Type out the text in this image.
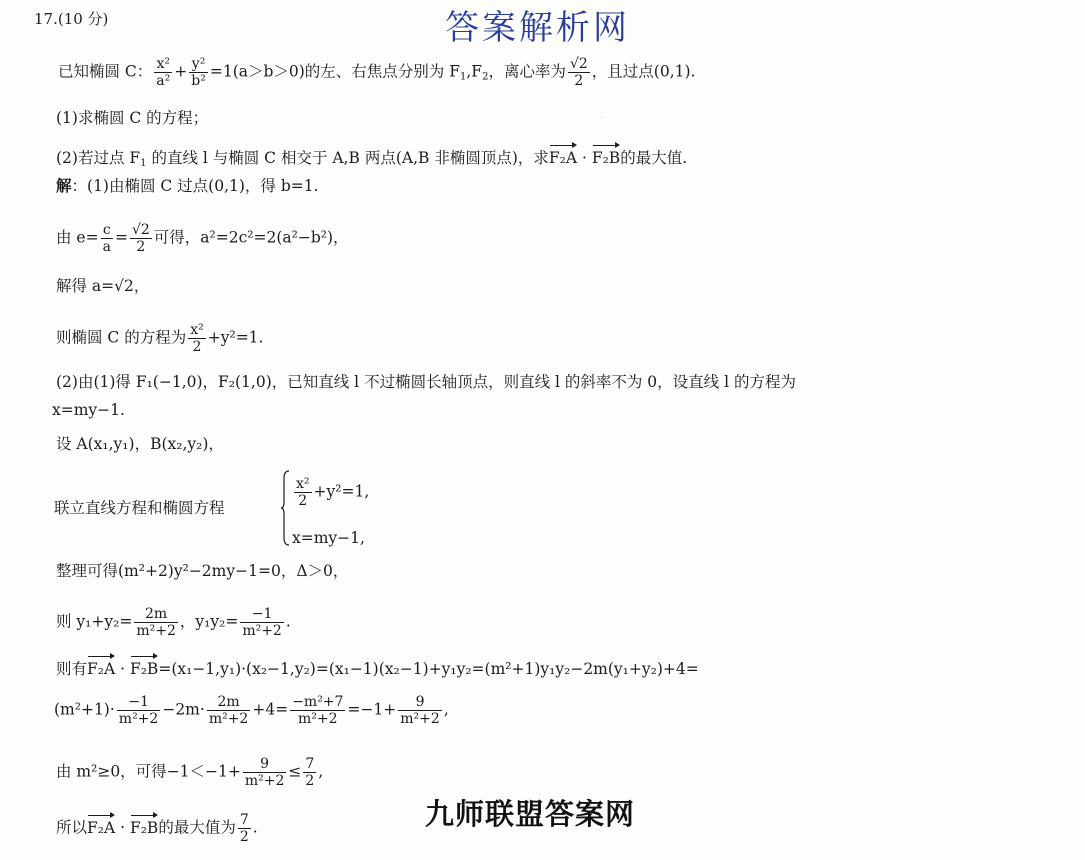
·
17.(10 分)	答案解析网
已知椭圆 C： $\frac{\text{x²}}{\text{a²}} + \frac{\text{y²}}{\text{b²}} =1(a>b>0)$的左、右焦点分别为 $F_1,F_2$，离心率为 $\frac{√2}{2}$ ，且过点(0,1).
(1)求椭圆 C 的方程；
(2)若过点 $F_1$ 的直线 l 与椭圆 C 相交于 A,B 两点(A,B 非椭圆顶点)，求F₂A · F₂B的最大值.
解：(1)由椭圆 C 过点(0,1)，得 b=1.
由 $e= \frac{c}{a} = \frac{√2}{2}$ 可得，a²=2c²=2(a²−b²)，
解得 a=√2，
则椭圆 C 的方程为 $\frac{\text{x²}}{2} +y^2=1$.
(2)由(1)得 F₁(−1,0)，F₂(1,0)，已知直线 l 不过椭圆长轴顶点，则直线 l 的斜率不为 0，设直线 l 的方程为
x=my−1.
设 A(x₁,y₁)，B(x₂,y₂)，
联立直线方程和椭圆方程	$\frac{\text{x²}}{2} +y^2=1$,
x=my−1,
整理可得(m²+2)y²−2my−1=0，Δ＞0，
则 $y_1+y_2= \frac{2m}{\text{m²+2}}$ ，$y_1y_2= \frac{-1}{\text{m²+2}}$ .
则有F₂A · F₂B=(x₁−1,y₁)·(x₂−1,y₂)=(x₁−1)(x₂−1)+y₁y₂=(m²+1)y₁y₂−2m(y₁+y₂)+4=
$(m^2+1)\cdot \frac{-1}{\text{m²+2}} -2m\cdot \frac{2m}{\text{m²+2}} +4= \frac{\text{−m²+7}}{\text{m²+2}} =-1+ \frac{9}{\text{m²+2}}$ ,
由 m²≥0，可得$-1<-1+ \frac{9}{\text{m²+2}} \le \frac{7}{2}$ ,
所以F₂A · F₂B的最大值为 $\frac{7}{2}$ .	九师联盟答案网
